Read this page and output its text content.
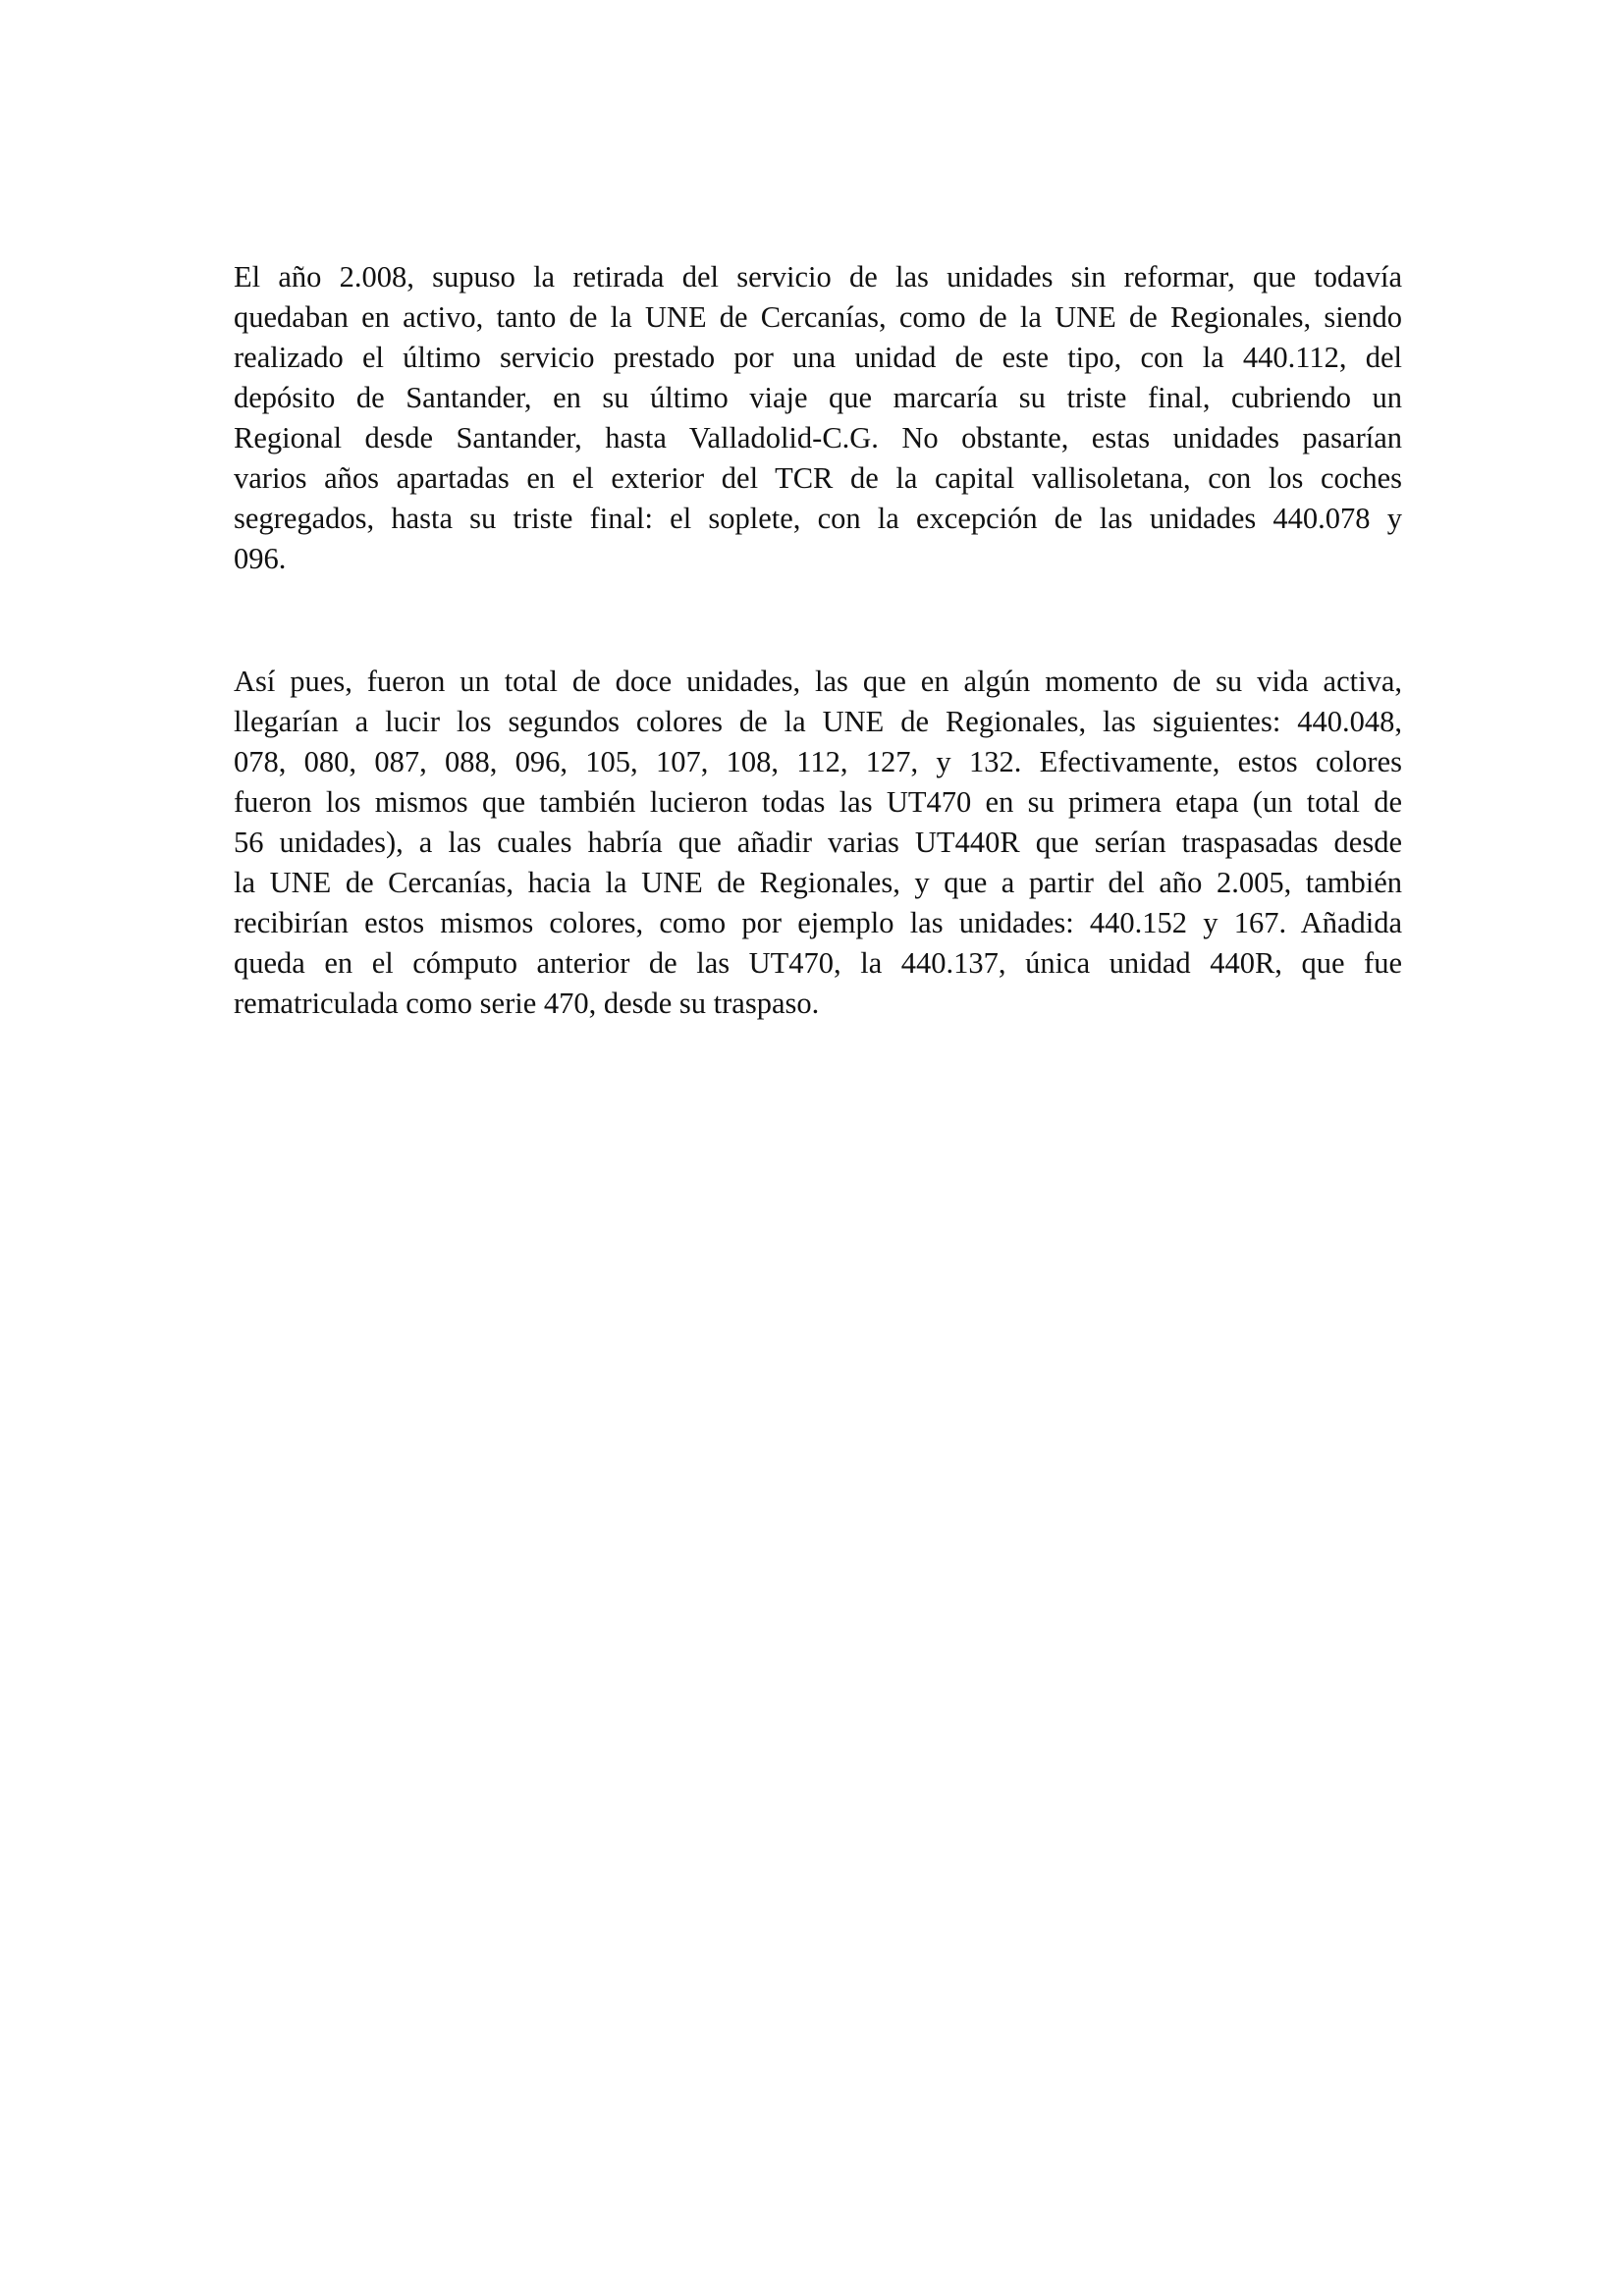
El año 2.008, supuso la retirada del servicio de las unidades sin reformar, que todavía
quedaban en activo, tanto de la UNE de Cercanías, como de la UNE de Regionales, siendo
realizado el último servicio prestado por una unidad de este tipo, con la 440.112, del
depósito de Santander, en su último viaje que marcaría su triste final, cubriendo un
Regional desde Santander, hasta Valladolid-C.G. No obstante, estas unidades pasarían
varios años apartadas en el exterior del TCR de la capital vallisoletana, con los coches
segregados, hasta su triste final: el soplete, con la excepción de las unidades 440.078 y
096.
Así pues, fueron un total de doce unidades, las que en algún momento de su vida activa,
llegarían a lucir los segundos colores de la UNE de Regionales, las siguientes: 440.048,
078, 080, 087, 088, 096, 105, 107, 108, 112, 127, y 132. Efectivamente, estos colores
fueron los mismos que también lucieron todas las UT470 en su primera etapa (un total de
56 unidades), a las cuales habría que añadir varias UT440R que serían traspasadas desde
la UNE de Cercanías, hacia la UNE de Regionales, y que a partir del año 2.005, también
recibirían estos mismos colores, como por ejemplo las unidades: 440.152 y 167. Añadida
queda en el cómputo anterior de las UT470, la 440.137, única unidad 440R, que fue
rematriculada como serie 470, desde su traspaso.
